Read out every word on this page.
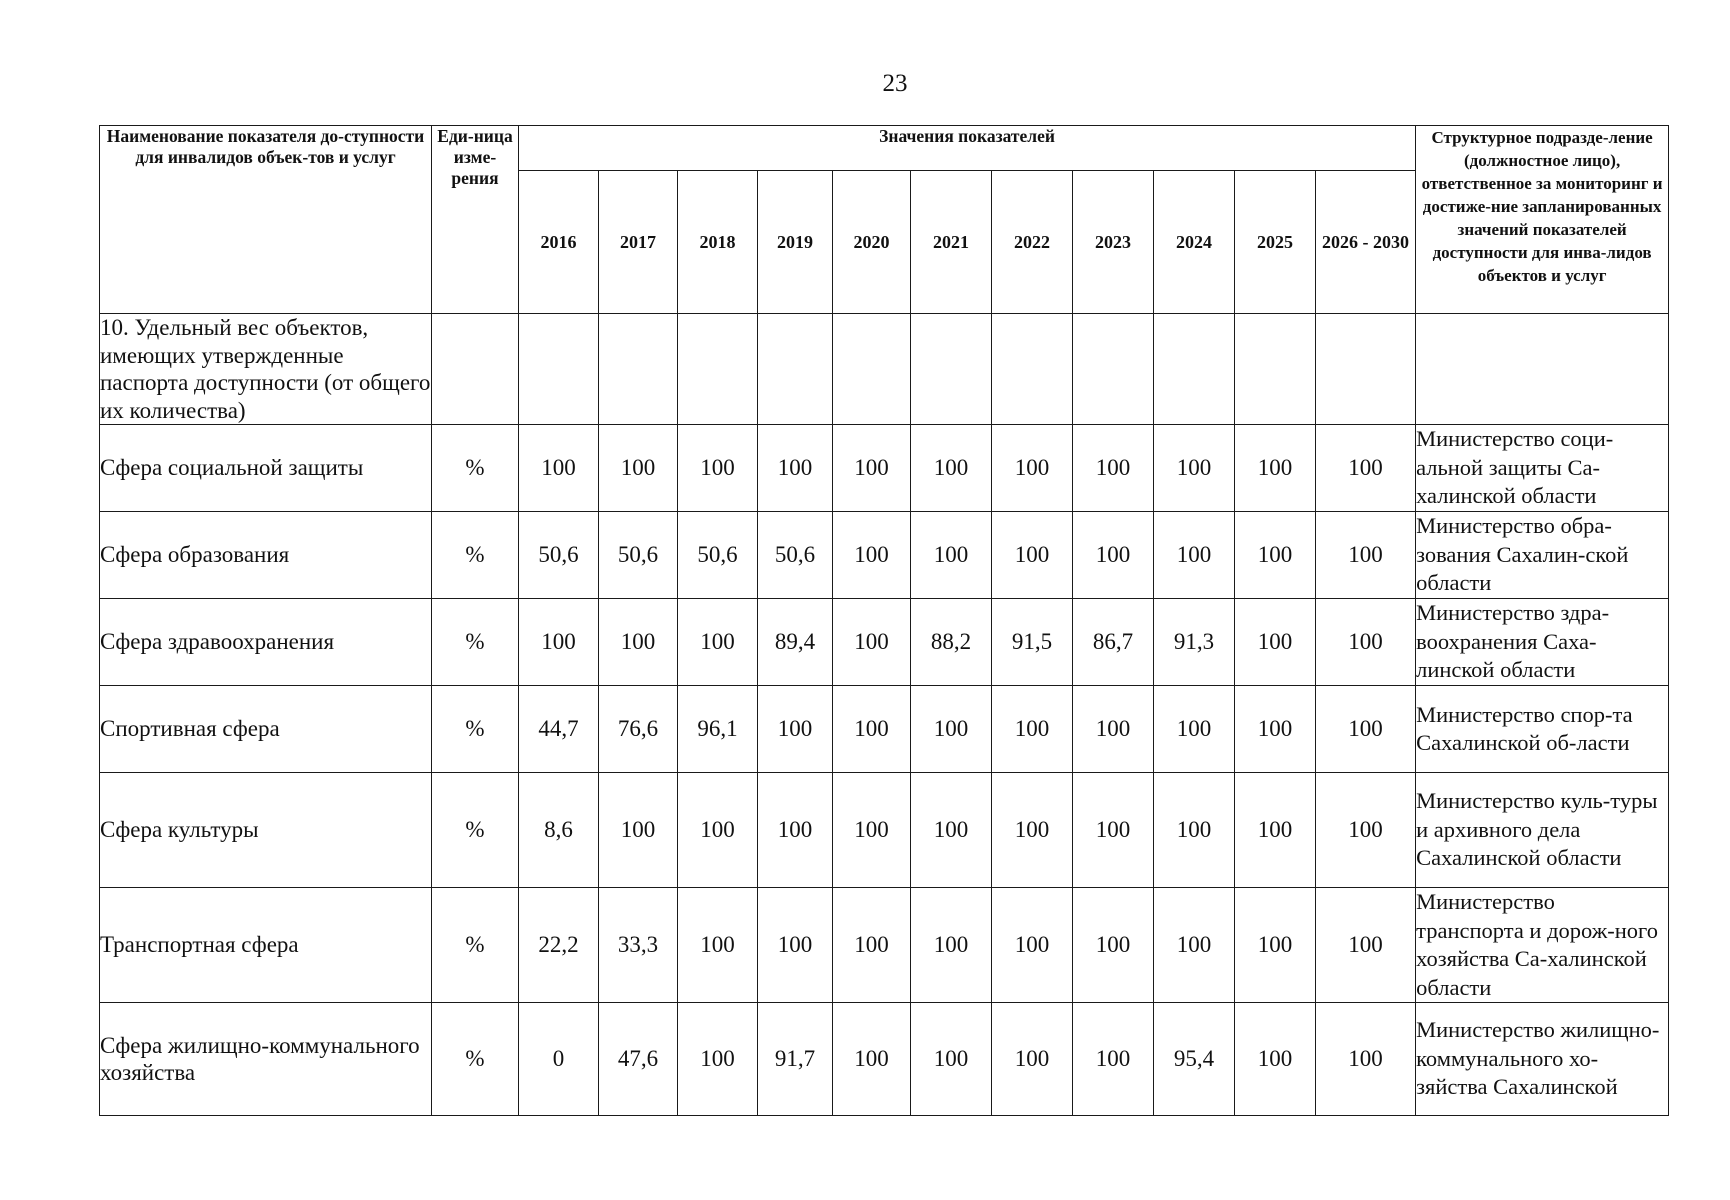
23
Наименование показателя до-ступности для инвалидов объек-тов и услуг	Еди-ница изме-рения	Значения показателей											Структурное подразде-ление (должностное лицо), ответственное за мониторинг и достиже-ние запланированных значений показателей доступности для инва-лидов объектов и услуг
		2016	2017	2018	2019	2020	2021	2022	2023	2024	2025	2026 - 2030	
10. Удельный вес объектов, имеющих утвержденные паспорта доступности (от общего их количества)													
Сфера социальной защиты	%	100	100	100	100	100	100	100	100	100	100	100	Министерство соци-альной защиты Са-халинской области
Сфера образования	%	50,6	50,6	50,6	50,6	100	100	100	100	100	100	100	Министерство обра-зования Сахалин-ской области
Сфера здравоохранения	%	100	100	100	89,4	100	88,2	91,5	86,7	91,3	100	100	Министерство здра-воохранения Саха-линской области
Спортивная сфера	%	44,7	76,6	96,1	100	100	100	100	100	100	100	100	Министерство спор-та Сахалинской об-ласти
Сфера культуры	%	8,6	100	100	100	100	100	100	100	100	100	100	Министерство куль-туры и архивного дела Сахалинской области
Транспортная сфера	%	22,2	33,3	100	100	100	100	100	100	100	100	100	Министерство транспорта и дорож-ного хозяйства Са-халинской области
Сфера жилищно-коммунального хозяйства	%	0	47,6	100	91,7	100	100	100	100	95,4	100	100	Министерство жилищно-коммунального хо-зяйства Сахалинской
